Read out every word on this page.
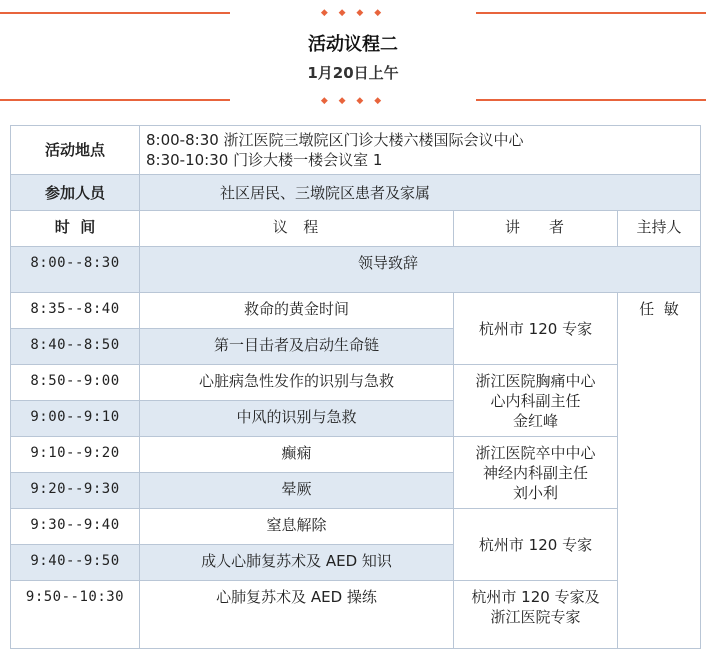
◆ ◆ ◆ ◆
活动议程二
1月20日上午
◆ ◆ ◆ ◆
活动地点	8:00-8:30 浙江医院三墩院区门诊大楼六楼国际会议中心
8:30-10:30 门诊大楼一楼会议室 1		

参加人员	社区居民、三墩院区患者及家属		
时  间	议  程	讲    者	主持人
8:00--8:30	领导致辞		
8:35--8:40	救命的黄金时间	杭州市 120 专家	任  敏
8:40--8:50	第一目击者及启动生命链		
8:50--9:00	心脏病急性发作的识别与急救	浙江医院胸痛中心
心内科副主任
金红峰	

9:00--9:10	中风的识别与急救		
9:10--9:20	癫痫	浙江医院卒中中心
神经内科副主任
刘小利	

9:20--9:30	晕厥		
9:30--9:40	窒息解除	杭州市 120 专家	
9:40--9:50	成人心肺复苏术及 AED 知识		
9:50--10:30	心肺复苏术及 AED 操练	杭州市 120 专家及
浙江医院专家	
